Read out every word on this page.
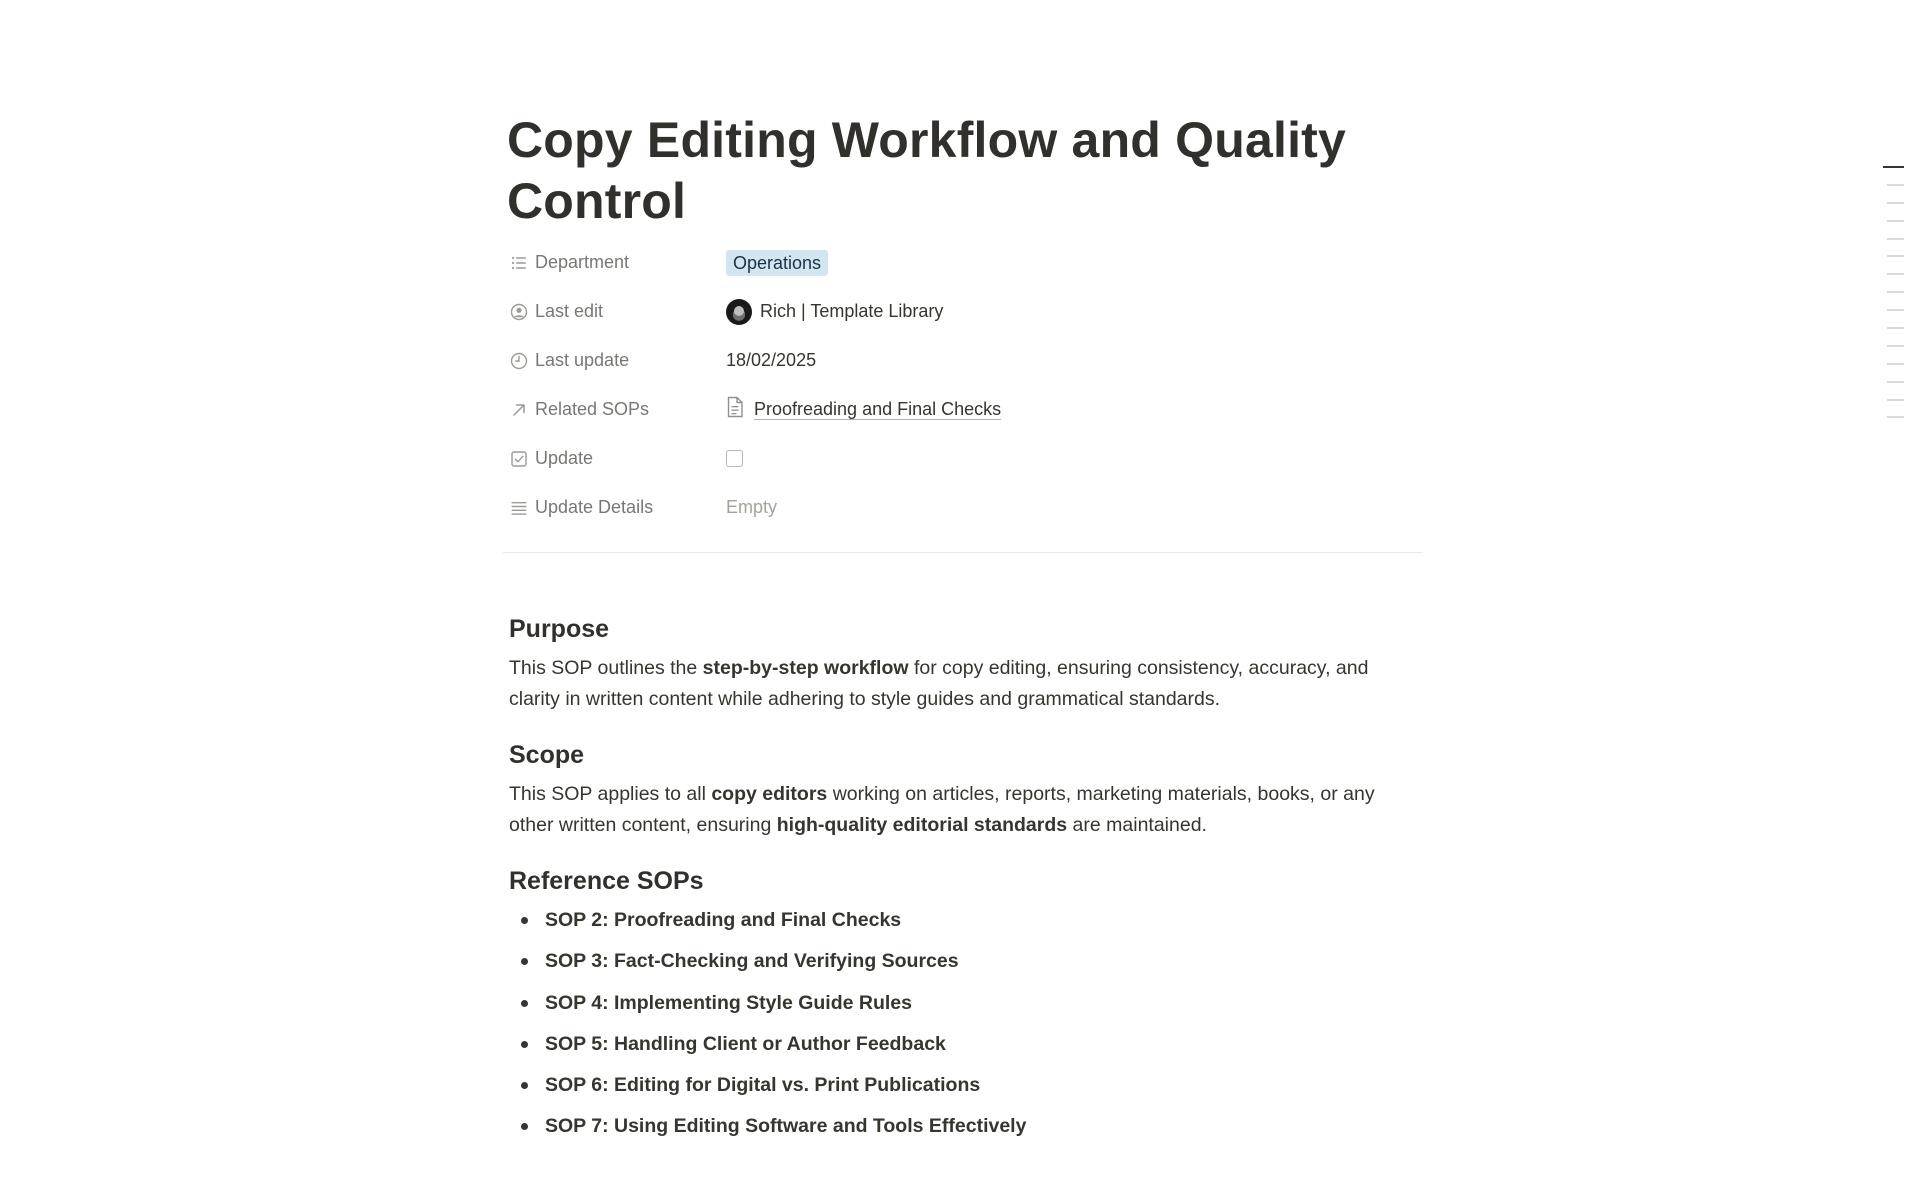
Copy Editing Workflow and Quality Control
Department	Operations
Last edit	Rich | Template Library
Last update	18/02/2025
Related SOPs	Proofreading and Final Checks
Update
Update Details	Empty
Purpose

This SOP outlines the step-by-step workflow for copy editing, ensuring consistency, accuracy, and clarity in written content while adhering to style guides and grammatical standards.

Scope

This SOP applies to all copy editors working on articles, reports, marketing materials, books, or any other written content, ensuring high-quality editorial standards are maintained.

Reference SOPs
SOP 2: Proofreading and Final Checks
SOP 3: Fact-Checking and Verifying Sources
SOP 4: Implementing Style Guide Rules
SOP 5: Handling Client or Author Feedback
SOP 6: Editing for Digital vs. Print Publications
SOP 7: Using Editing Software and Tools Effectively
